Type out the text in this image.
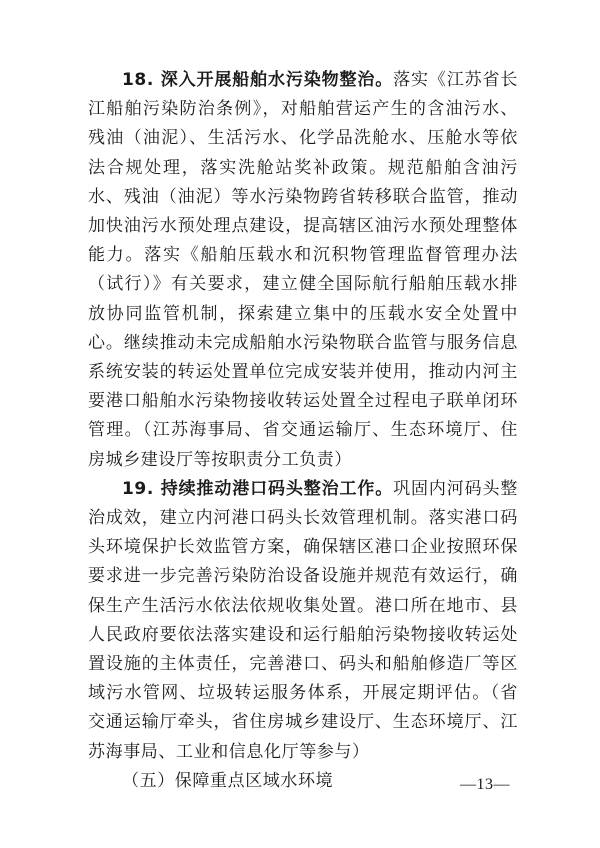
18. 深入开展船舶水污染物整治。落实《江苏省长江船舶污染防治条例》，对船舶营运产生的含油污水、残油（油泥）、生活污水、化学品洗舱水、压舱水等依法合规处理，落实洗舱站奖补政策。规范船舶含油污水、残油（油泥）等水污染物跨省转移联合监管，推动加快油污水预处理点建设，提高辖区油污水预处理整体能力。落实《船舶压载水和沉积物管理监督管理办法（试行）》有关要求，建立健全国际航行船舶压载水排放协同监管机制，探索建立集中的压载水安全处置中心。继续推动未完成船舶水污染物联合监管与服务信息系统安装的转运处置单位完成安装并使用，推动内河主要港口船舶水污染物接收转运处置全过程电子联单闭环管理。（江苏海事局、省交通运输厅、生态环境厅、住房城乡建设厅等按职责分工负责）

19. 持续推动港口码头整治工作。巩固内河码头整治成效，建立内河港口码头长效管理机制。落实港口码头环境保护长效监管方案，确保辖区港口企业按照环保要求进一步完善污染防治设备设施并规范有效运行，确保生产生活污水依法依规收集处置。港口所在地市、县人民政府要依法落实建设和运行船舶污染物接收转运处置设施的主体责任，完善港口、码头和船舶修造厂等区域污水管网、垃圾转运服务体系，开展定期评估。（省交通运输厅牵头，省住房城乡建设厅、生态环境厅、江苏海事局、工业和信息化厅等参与）

（五）保障重点区域水环境	—13—
